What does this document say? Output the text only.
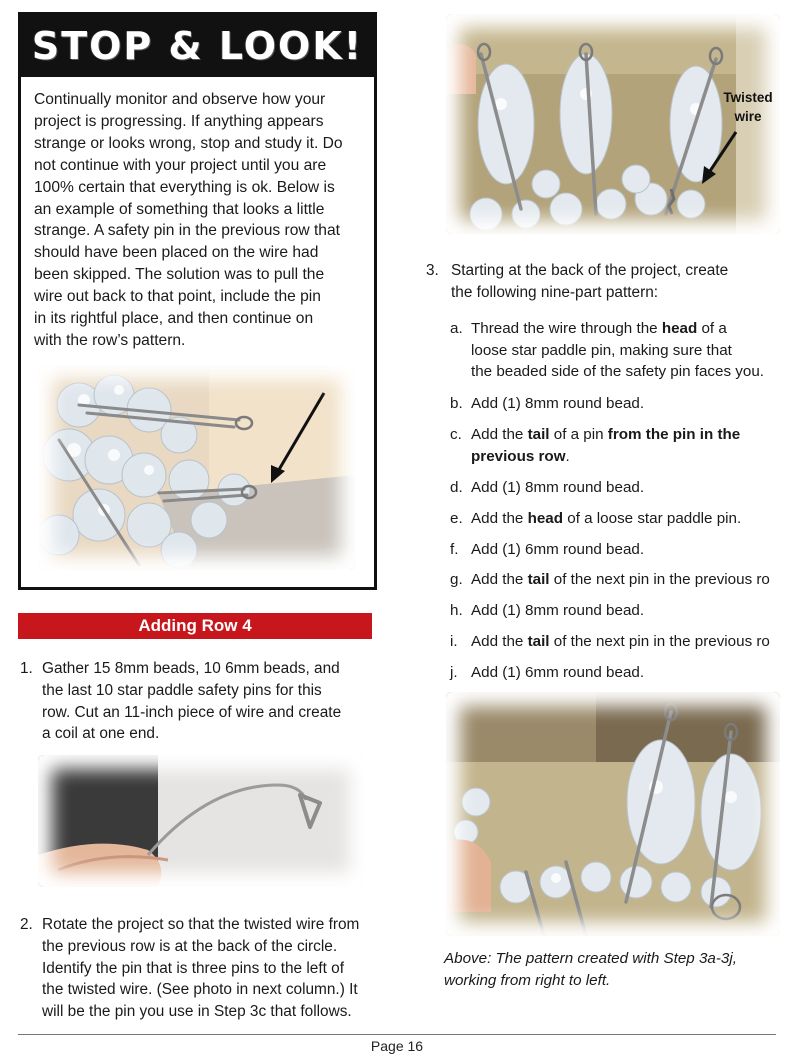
STOP & LOOK!
Continually monitor and observe how your
project is progressing. If anything appears
strange or looks wrong, stop and study it. Do
not continue with your project until you are
100% certain that everything is ok. Below is
an example of something that looks a little
strange. A safety pin in the previous row that
should have been placed on the wire had
been skipped. The solution was to pull the
wire out back to that point, include the pin
in its rightful place, and then continue on
with the row’s pattern.
Adding Row 4
1. Gather 15 8mm beads, 10 6mm beads, and
the last 10 star paddle safety pins for this
row. Cut an 11-inch piece of wire and create
a coil at one end.
2. Rotate the project so that the twisted wire from
the previous row is at the back of the circle.
Identify the pin that is three pins to the left of
the twisted wire. (See photo in next column.) It
will be the pin you use in Step 3c that follows.
Twisted
wire
3. Starting at the back of the project, create
the following nine-part pattern:
a. Thread the wire through the head of a
loose star paddle pin, making sure that
the beaded side of the safety pin faces you.
b. Add (1) 8mm round bead.
c. Add the tail of a pin from the pin in the
previous row.
d. Add (1) 8mm round bead.
e. Add the head of a loose star paddle pin.
f. Add (1) 6mm round bead.
g. Add the tail of the next pin in the previous ro
h. Add (1) 8mm round bead.
i. Add the tail of the next pin in the previous ro
j. Add (1) 6mm round bead.
Above: The pattern created with Step 3a-3j,
working from right to left.
Page 16
